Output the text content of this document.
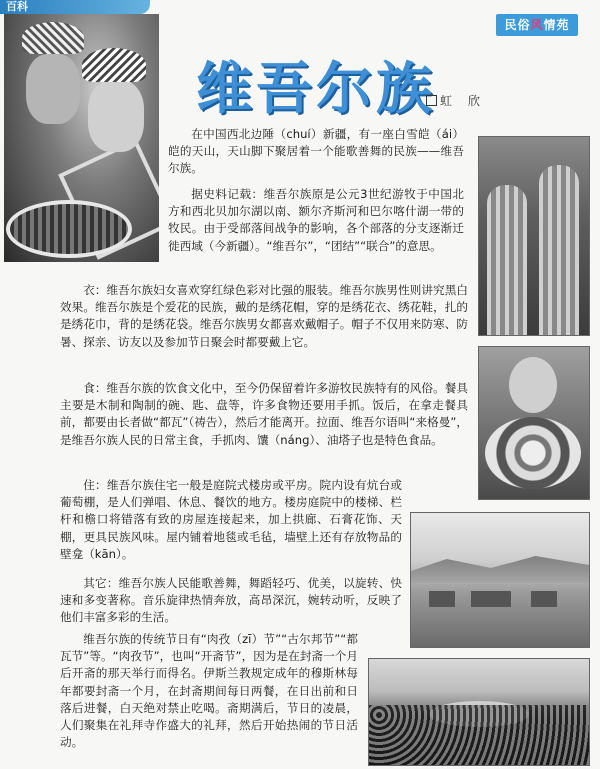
百科
维吾尔族
民俗风情苑
虹　欣

在中国西北边陲（chuí）新疆，有一座白雪皑（ái）皑的天山，天山脚下聚居着一个能歌善舞的民族——维吾尔族。

据史料记载：维吾尔族原是公元3世纪游牧于中国北方和西北贝加尔湖以南、额尔齐斯河和巴尔喀什湖一带的牧民。由于受部落间战争的影响，各个部落的分支逐渐迁徙西域（今新疆）。“维吾尔”，“团结”“联合”的意思。

衣：维吾尔族妇女喜欢穿红绿色彩对比强的服装。维吾尔族男性则讲究黑白效果。维吾尔族是个爱花的民族，戴的是绣花帽，穿的是绣花衣、绣花鞋，扎的是绣花巾，背的是绣花袋。维吾尔族男女都喜欢戴帽子。帽子不仅用来防寒、防暑、探亲、访友以及参加节日聚会时都要戴上它。

食：维吾尔族的饮食文化中，至今仍保留着许多游牧民族特有的风俗。餐具主要是木制和陶制的碗、匙、盘等，许多食物还要用手抓。饭后，在拿走餐具前，都要由长者做“都瓦”（祷告），然后才能离开。拉面、维吾尔语叫“来格曼”，是维吾尔族人民的日常主食，手抓肉、馕（náng）、油塔子也是特色食品。

住：维吾尔族住宅一般是庭院式楼房或平房。院内设有炕台或葡萄棚，是人们弹唱、休息、餐饮的地方。楼房庭院中的楼梯、栏杆和檐口将错落有致的房屋连接起来，加上拱廊、石膏花饰、天棚，更具民族风味。屋内铺着地毯或毛毡，墙壁上还有存放物品的壁龛（kān）。

其它：维吾尔族人民能歌善舞，舞蹈轻巧、优美，以旋转、快速和多变著称。音乐旋律热情奔放，高昂深沉，婉转动听，反映了他们丰富多彩的生活。

维吾尔族的传统节日有“肉孜（zī）节”“古尔邦节”“都瓦节”等。“肉孜节”，也叫“开斋节”，因为是在封斋一个月后开斋的那天举行而得名。伊斯兰教规定成年的穆斯林每年都要封斋一个月，在封斋期间每日两餐，在日出前和日落后进餐，白天绝对禁止吃喝。斋期满后，节日的凌晨，人们聚集在礼拜寺作盛大的礼拜，然后开始热闹的节日活动。
